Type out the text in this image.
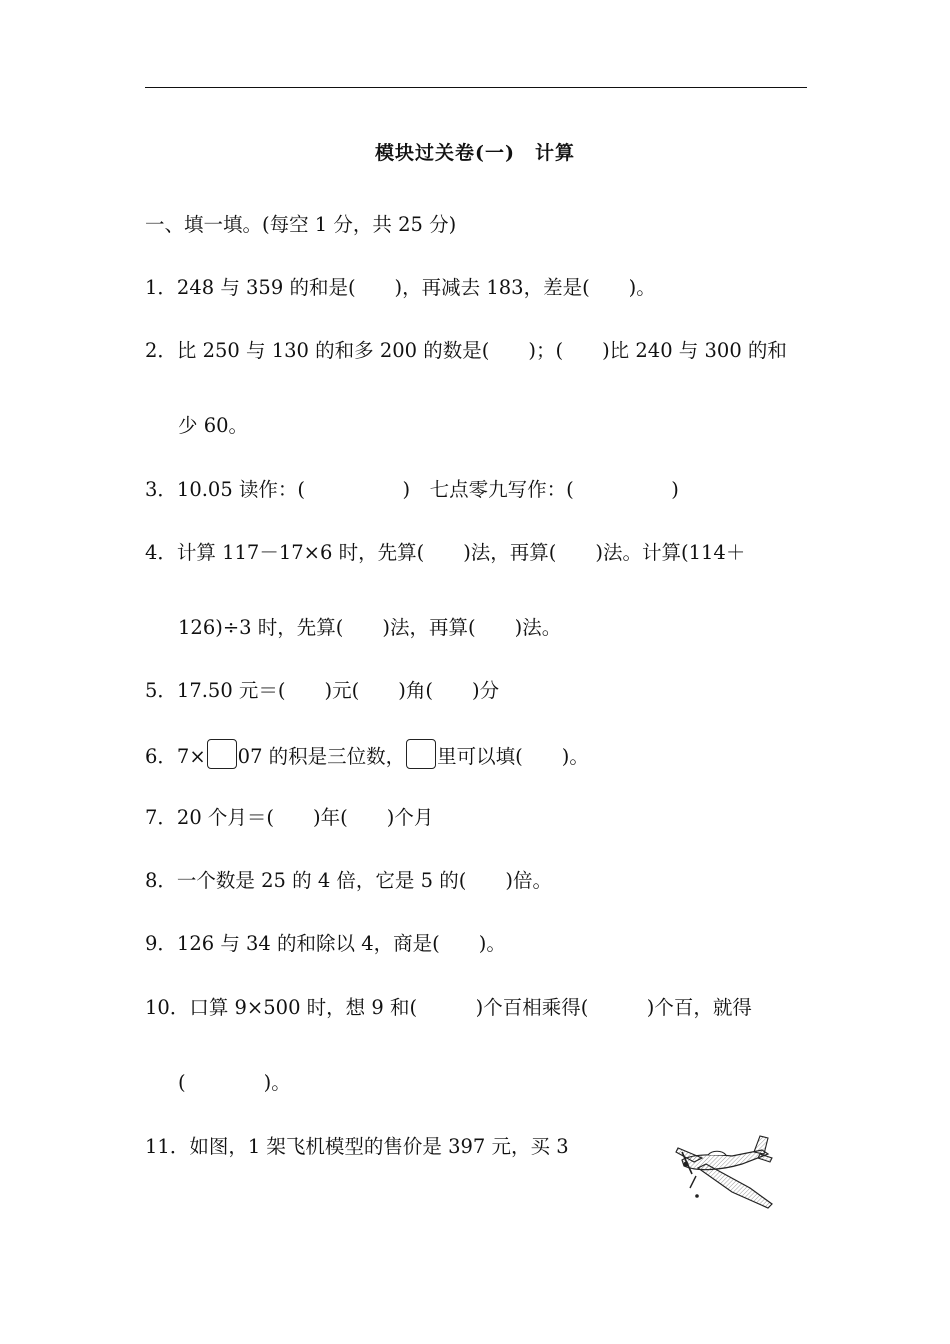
模块过关卷(一)　计算
一、填一填。(每空 1 分，共 25 分)
1．248 与 359 的和是(　　)，再减去 183，差是(　　)。
2．比 250 与 130 的和多 200 的数是(　　)；(　　)比 240 与 300 的和
少 60。
3．10.05 读作：(　　　　　)　七点零九写作：(　　　　　)
4．计算 117－17×6 时，先算(　　)法，再算(　　)法。计算(114＋
126)÷3 时，先算(　　)法，再算(　　)法。
5．17.50 元＝(　　)元(　　)角(　　)分
6．7× 07 的积是三位数， 里可以填(　　)。
7．20 个月＝(　　)年(　　)个月
8．一个数是 25 的 4 倍，它是 5 的(　　)倍。
9．126 与 34 的和除以 4，商是(　　)。
10．口算 9×500 时，想 9 和(　　　)个百相乘得(　　　)个百，就得
(　　　　)。
11．如图，1 架飞机模型的售价是 397 元，买 3
